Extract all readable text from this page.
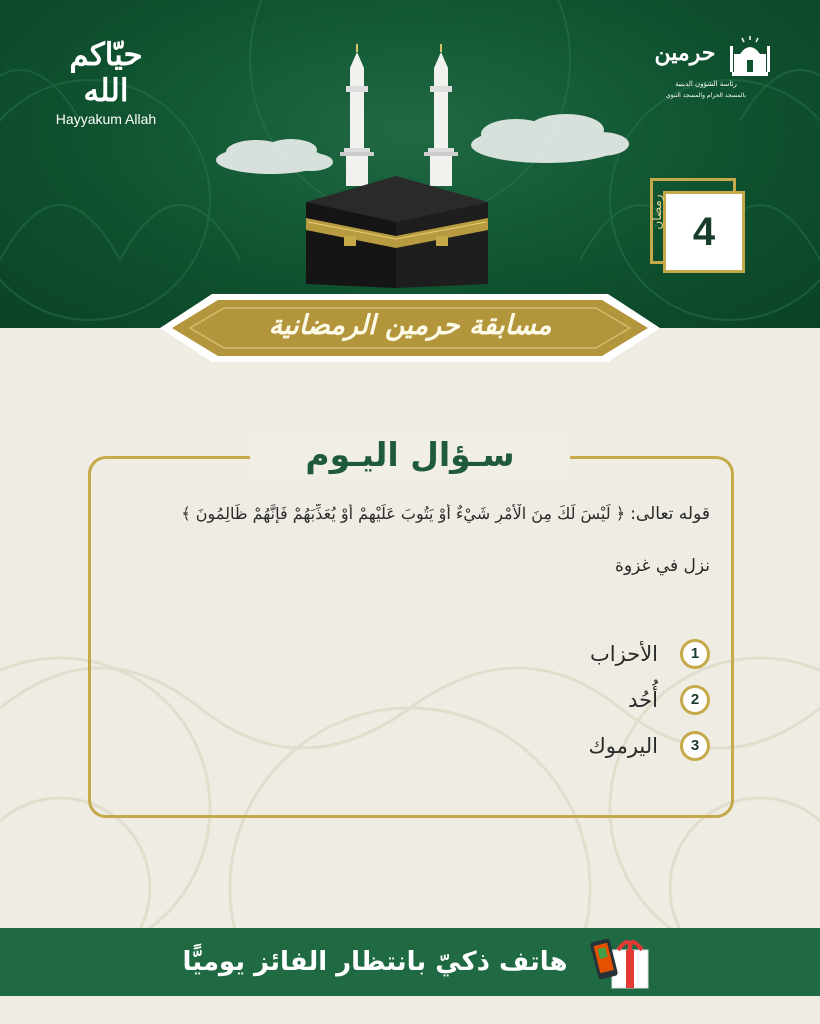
حيّاكم الله
Hayyakum Allah
حرمين
رئاسة الشؤون الدينية
بالمسجد الحرام والمسجد النبوي
4
رمضان
مسابقة حرمين الرمضانية
سـؤال اليـوم
قوله تعالى: ﴿ لَيْسَ لَكَ مِنَ الْأَمْرِ شَيْءٌ أَوْ يَتُوبَ عَلَيْهِمْ أَوْ يُعَذِّبَهُمْ فَإِنَّهُمْ ظَالِمُونَ ﴾
نزل في غزوة
1
الأحزاب
2
أُحُد
3
اليرموك
هاتف ذكيّ بانتظار الفائز يوميًّا
